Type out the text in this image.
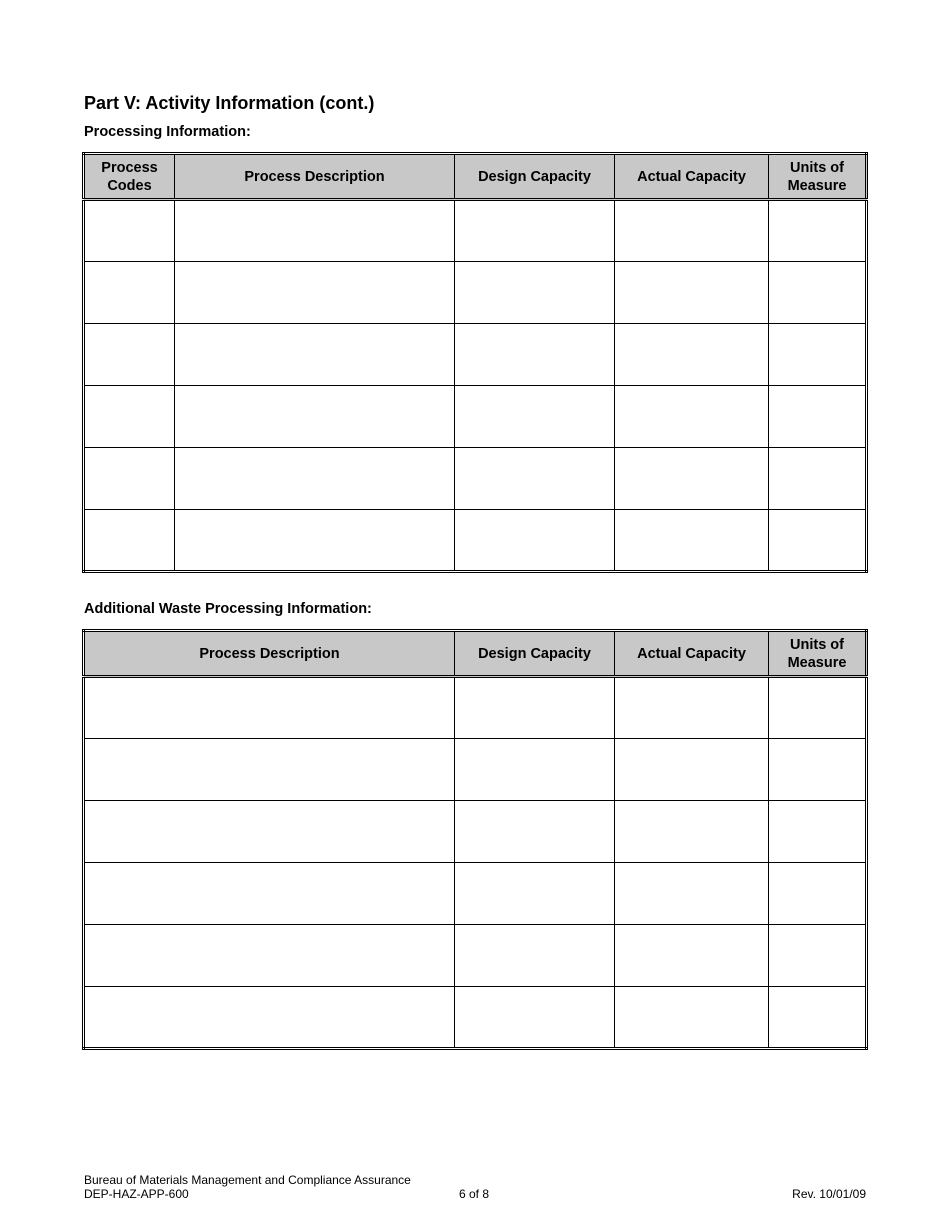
Part V: Activity Information (cont.)
Processing Information:
Process Codes	Process Description	Design Capacity	Actual Capacity	Units of Measure

Additional Waste Processing Information:
Process Description	Design Capacity	Actual Capacity	Units of Measure

Bureau of Materials Management and Compliance Assurance
DEP-HAZ-APP-600	6 of 8	Rev. 10/01/09
